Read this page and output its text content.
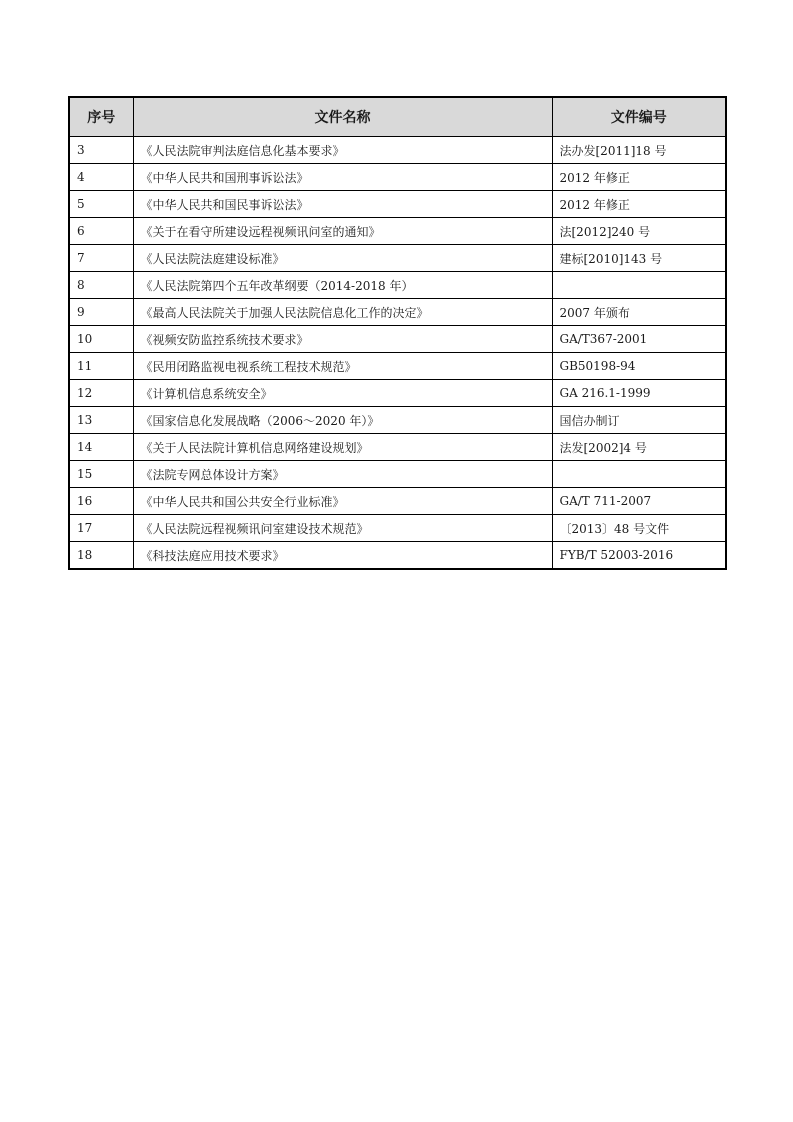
序号	文件名称	文件编号
3	《人民法院审判法庭信息化基本要求》	法办发[2011]18 号
4	《中华人民共和国刑事诉讼法》	2012 年修正
5	《中华人民共和国民事诉讼法》	2012 年修正
6	《关于在看守所建设远程视频讯问室的通知》	法[2012]240 号
7	《人民法院法庭建设标准》	建标[2010]143 号
8	《人民法院第四个五年改革纲要（2014-2018 年）	
9	《最高人民法院关于加强人民法院信息化工作的决定》	2007 年颁布
10	《视频安防监控系统技术要求》	GA/T367-2001
11	《民用闭路监视电视系统工程技术规范》	GB50198-94
12	《计算机信息系统安全》	GA 216.1-1999
13	《国家信息化发展战略（2006～2020 年）》	国信办制订
14	《关于人民法院计算机信息网络建设规划》	法发[2002]4 号
15	《法院专网总体设计方案》	
16	《中华人民共和国公共安全行业标准》	GA/T 711-2007
17	《人民法院远程视频讯问室建设技术规范》	〔2013〕48 号文件
18	《科技法庭应用技术要求》	FYB/T 52003-2016
